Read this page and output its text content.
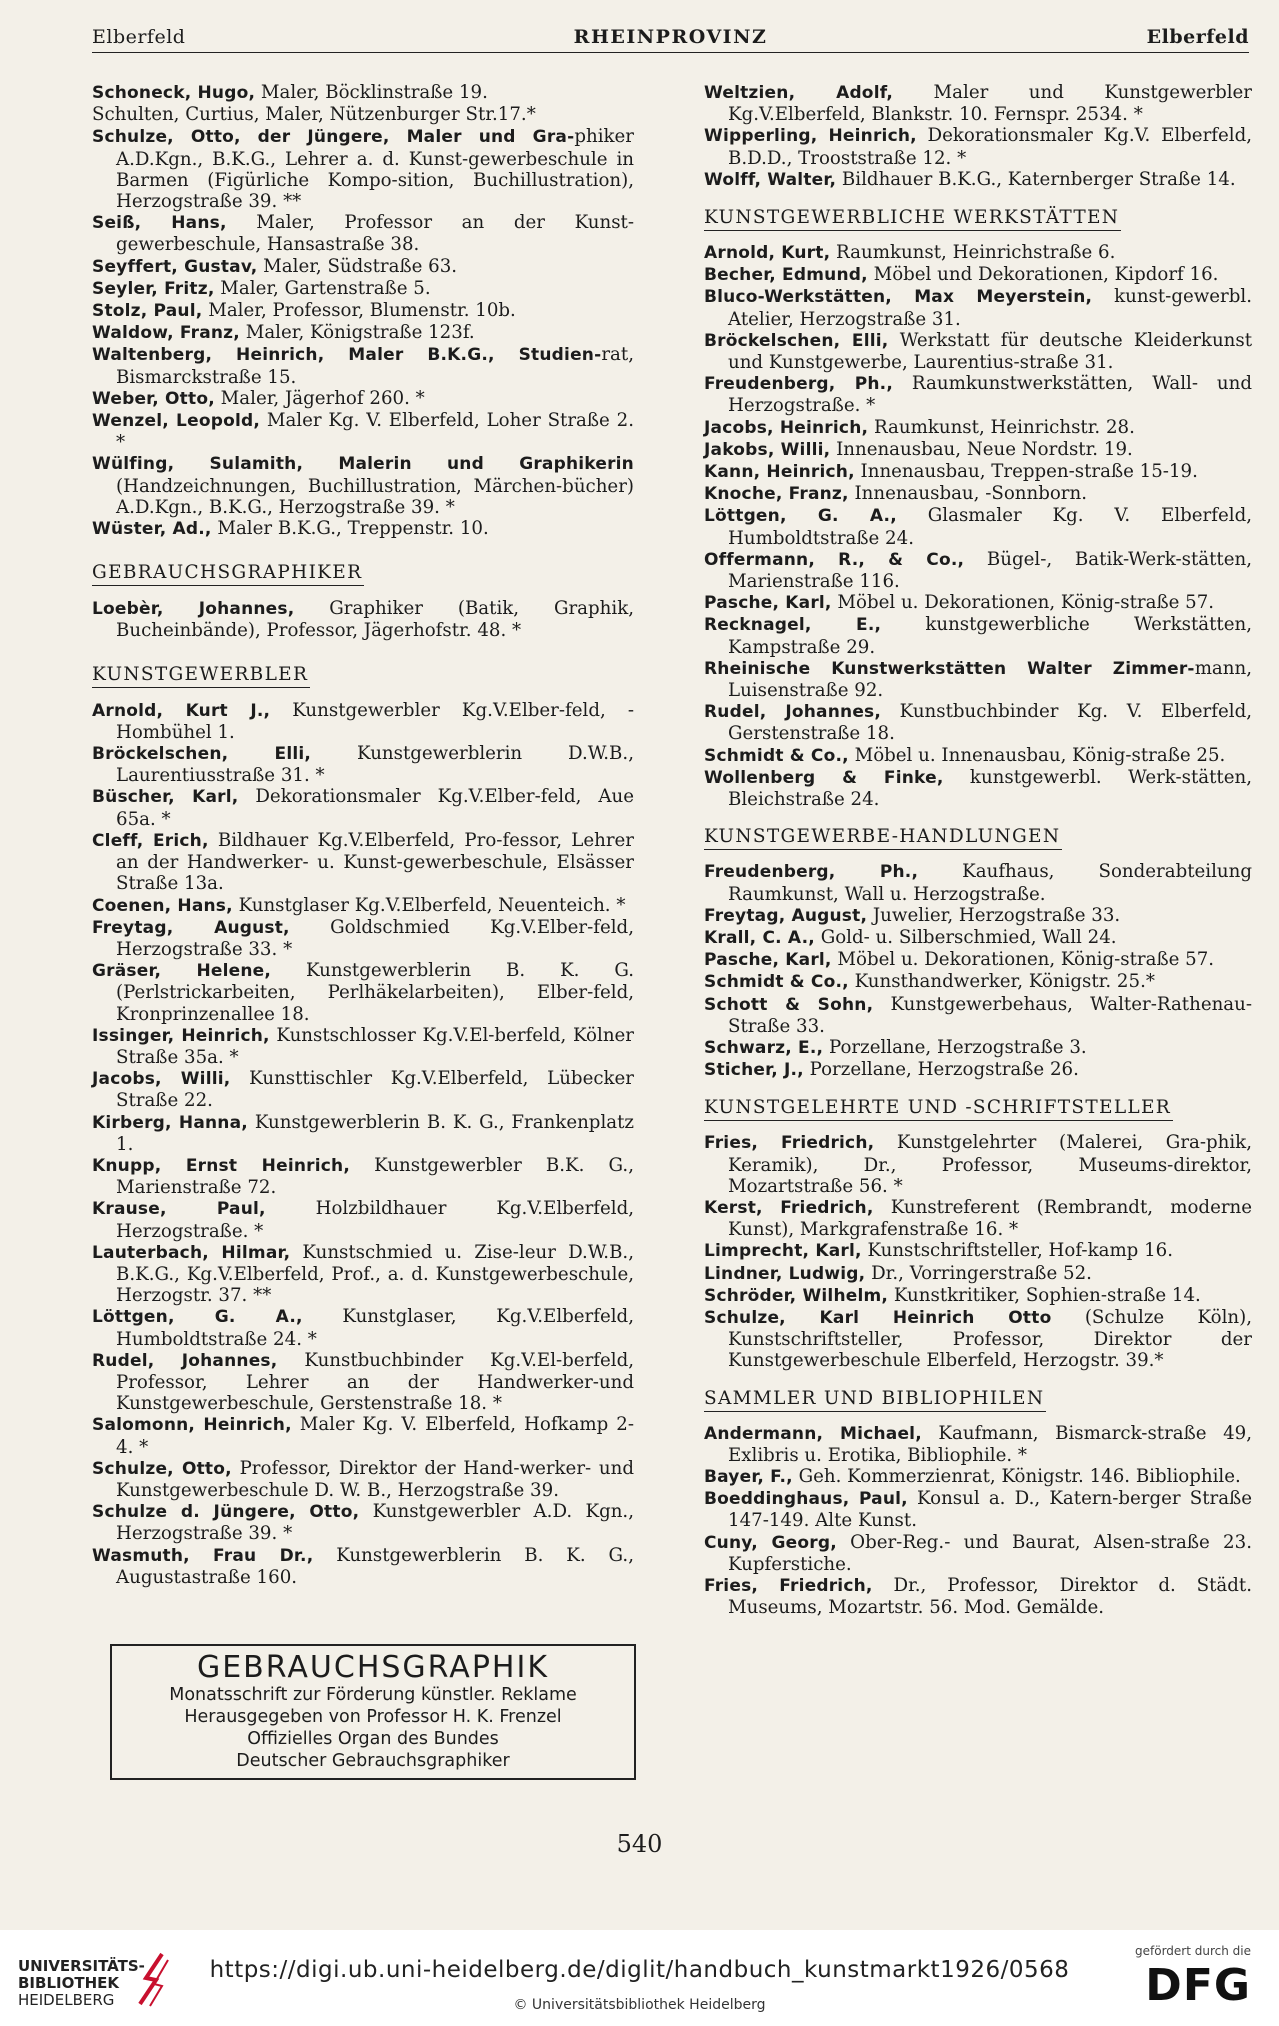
Elberfeld	RHEINPROVINZ	Elberfeld

Schoneck, Hugo, Maler, Böcklinstraße 19.

Schulten, Curtius, Maler, Nützenburger Str.17.*

Schulze, Otto, der Jüngere, Maler und Gra-phiker A.D.Kgn., B.K.G., Lehrer a. d. Kunst-gewerbeschule in Barmen (Figürliche Kompo-sition, Buchillustration), Herzogstraße 39. **

Seiß, Hans, Maler, Professor an der Kunst-gewerbeschule, Hansastraße 38.

Seyffert, Gustav, Maler, Südstraße 63.

Seyler, Fritz, Maler, Gartenstraße 5.

Stolz, Paul, Maler, Professor, Blumenstr. 10b.

Waldow, Franz, Maler, Königstraße 123f.

Waltenberg, Heinrich, Maler B.K.G., Studien-rat, Bismarckstraße 15.

Weber, Otto, Maler, Jägerhof 260. *

Wenzel, Leopold, Maler Kg. V. Elberfeld, Loher Straße 2. *

Wülfing, Sulamith, Malerin und Graphikerin (Handzeichnungen, Buchillustration, Märchen-bücher) A.D.Kgn., B.K.G., Herzogstraße 39. *

Wüster, Ad., Maler B.K.G., Treppenstr. 10.

GEBRAUCHSGRAPHIKER

Loebèr, Johannes, Graphiker (Batik, Graphik, Bucheinbände), Professor, Jägerhofstr. 48. *

KUNSTGEWERBLER

Arnold, Kurt J., Kunstgewerbler Kg.V.Elber-feld, -Hombühel 1.

Bröckelschen, Elli, Kunstgewerblerin D.W.B., Laurentiusstraße 31. *

Büscher, Karl, Dekorationsmaler Kg.V.Elber-feld, Aue 65a. *

Cleff, Erich, Bildhauer Kg.V.Elberfeld, Pro-fessor, Lehrer an der Handwerker- u. Kunst-gewerbeschule, Elsässer Straße 13a.

Coenen, Hans, Kunstglaser Kg.V.Elberfeld, Neuenteich. *

Freytag, August, Goldschmied Kg.V.Elber-feld, Herzogstraße 33. *

Gräser, Helene, Kunstgewerblerin B. K. G. (Perlstrickarbeiten, Perlhäkelarbeiten), Elber-feld, Kronprinzenallee 18.

Issinger, Heinrich, Kunstschlosser Kg.V.El-berfeld, Kölner Straße 35a. *

Jacobs, Willi, Kunsttischler Kg.V.Elberfeld, Lübecker Straße 22.

Kirberg, Hanna, Kunstgewerblerin B. K. G., Frankenplatz 1.

Knupp, Ernst Heinrich, Kunstgewerbler B.K. G., Marienstraße 72.

Krause, Paul, Holzbildhauer Kg.V.Elberfeld, Herzogstraße. *

Lauterbach, Hilmar, Kunstschmied u. Zise-leur D.W.B., B.K.G., Kg.V.Elberfeld, Prof., a. d. Kunstgewerbeschule, Herzogstr. 37. **

Löttgen, G. A., Kunstglaser, Kg.V.Elberfeld, Humboldtstraße 24. *

Rudel, Johannes, Kunstbuchbinder Kg.V.El-berfeld, Professor, Lehrer an der Handwerker-und Kunstgewerbeschule, Gerstenstraße 18. *

Salomonn, Heinrich, Maler Kg. V. Elberfeld, Hofkamp 2-4. *

Schulze, Otto, Professor, Direktor der Hand-werker- und Kunstgewerbeschule D. W. B., Herzogstraße 39.

Schulze d. Jüngere, Otto, Kunstgewerbler A.D. Kgn., Herzogstraße 39. *

Wasmuth, Frau Dr., Kunstgewerblerin B. K. G., Augustastraße 160.

Weltzien, Adolf, Maler und Kunstgewerbler Kg.V.Elberfeld, Blankstr. 10. Fernspr. 2534. *

Wipperling, Heinrich, Dekorationsmaler Kg.V. Elberfeld, B.D.D., Trooststraße 12. *

Wolff, Walter, Bildhauer B.K.G., Katernberger Straße 14.

KUNSTGEWERBLICHE WERKSTÄTTEN

Arnold, Kurt, Raumkunst, Heinrichstraße 6.

Becher, Edmund, Möbel und Dekorationen, Kipdorf 16.

Bluco-Werkstätten, Max Meyerstein, kunst-gewerbl. Atelier, Herzogstraße 31.

Bröckelschen, Elli, Werkstatt für deutsche Kleiderkunst und Kunstgewerbe, Laurentius-straße 31.

Freudenberg, Ph., Raumkunstwerkstätten, Wall- und Herzogstraße. *

Jacobs, Heinrich, Raumkunst, Heinrichstr. 28.

Jakobs, Willi, Innenausbau, Neue Nordstr. 19.

Kann, Heinrich, Innenausbau, Treppen-straße 15-19.

Knoche, Franz, Innenausbau, -Sonnborn.

Löttgen, G. A., Glasmaler Kg. V. Elberfeld, Humboldtstraße 24.

Offermann, R., & Co., Bügel-, Batik-Werk-stätten, Marienstraße 116.

Pasche, Karl, Möbel u. Dekorationen, König-straße 57.

Recknagel, E., kunstgewerbliche Werkstätten, Kampstraße 29.

Rheinische Kunstwerkstätten Walter Zimmer-mann, Luisenstraße 92.

Rudel, Johannes, Kunstbuchbinder Kg. V. Elberfeld, Gerstenstraße 18.

Schmidt & Co., Möbel u. Innenausbau, König-straße 25.

Wollenberg & Finke, kunstgewerbl. Werk-stätten, Bleichstraße 24.

KUNSTGEWERBE-HANDLUNGEN

Freudenberg, Ph., Kaufhaus, Sonderabteilung Raumkunst, Wall u. Herzogstraße.

Freytag, August, Juwelier, Herzogstraße 33.

Krall, C. A., Gold- u. Silberschmied, Wall 24.

Pasche, Karl, Möbel u. Dekorationen, König-straße 57.

Schmidt & Co., Kunsthandwerker, Königstr. 25.*

Schott & Sohn, Kunstgewerbehaus, Walter-Rathenau-Straße 33.

Schwarz, E., Porzellane, Herzogstraße 3.

Sticher, J., Porzellane, Herzogstraße 26.

KUNSTGELEHRTE UND -SCHRIFTSTELLER

Fries, Friedrich, Kunstgelehrter (Malerei, Gra-phik, Keramik), Dr., Professor, Museums-direktor, Mozartstraße 56. *

Kerst, Friedrich, Kunstreferent (Rembrandt, moderne Kunst), Markgrafenstraße 16. *

Limprecht, Karl, Kunstschriftsteller, Hof-kamp 16.

Lindner, Ludwig, Dr., Vorringerstraße 52.

Schröder, Wilhelm, Kunstkritiker, Sophien-straße 14.

Schulze, Karl Heinrich Otto (Schulze Köln), Kunstschriftsteller, Professor, Direktor der Kunstgewerbeschule Elberfeld, Herzogstr. 39.*

SAMMLER UND BIBLIOPHILEN

Andermann, Michael, Kaufmann, Bismarck-straße 49, Exlibris u. Erotika, Bibliophile. *

Bayer, F., Geh. Kommerzienrat, Königstr. 146. Bibliophile.

Boeddinghaus, Paul, Konsul a. D., Katern-berger Straße 147-149. Alte Kunst.

Cuny, Georg, Ober-Reg.- und Baurat, Alsen-straße 23. Kupferstiche.

Fries, Friedrich, Dr., Professor, Direktor d. Städt. Museums, Mozartstr. 56. Mod. Gemälde.

GEBRAUCHSGRAPHIK
Monatsschrift zur Förderung künstler. Reklame
Herausgegeben von Professor H. K. Frenzel
Offizielles Organ des Bundes
Deutscher Gebrauchsgraphiker
540
UNIVERSITÄTS-
BIBLIOTHEK
HEIDELBERG
https://digi.ub.uni-heidelberg.de/diglit/handbuch_kunstmarkt1926/0568
© Universitätsbibliothek Heidelberg
gefördert durch die
DFG
